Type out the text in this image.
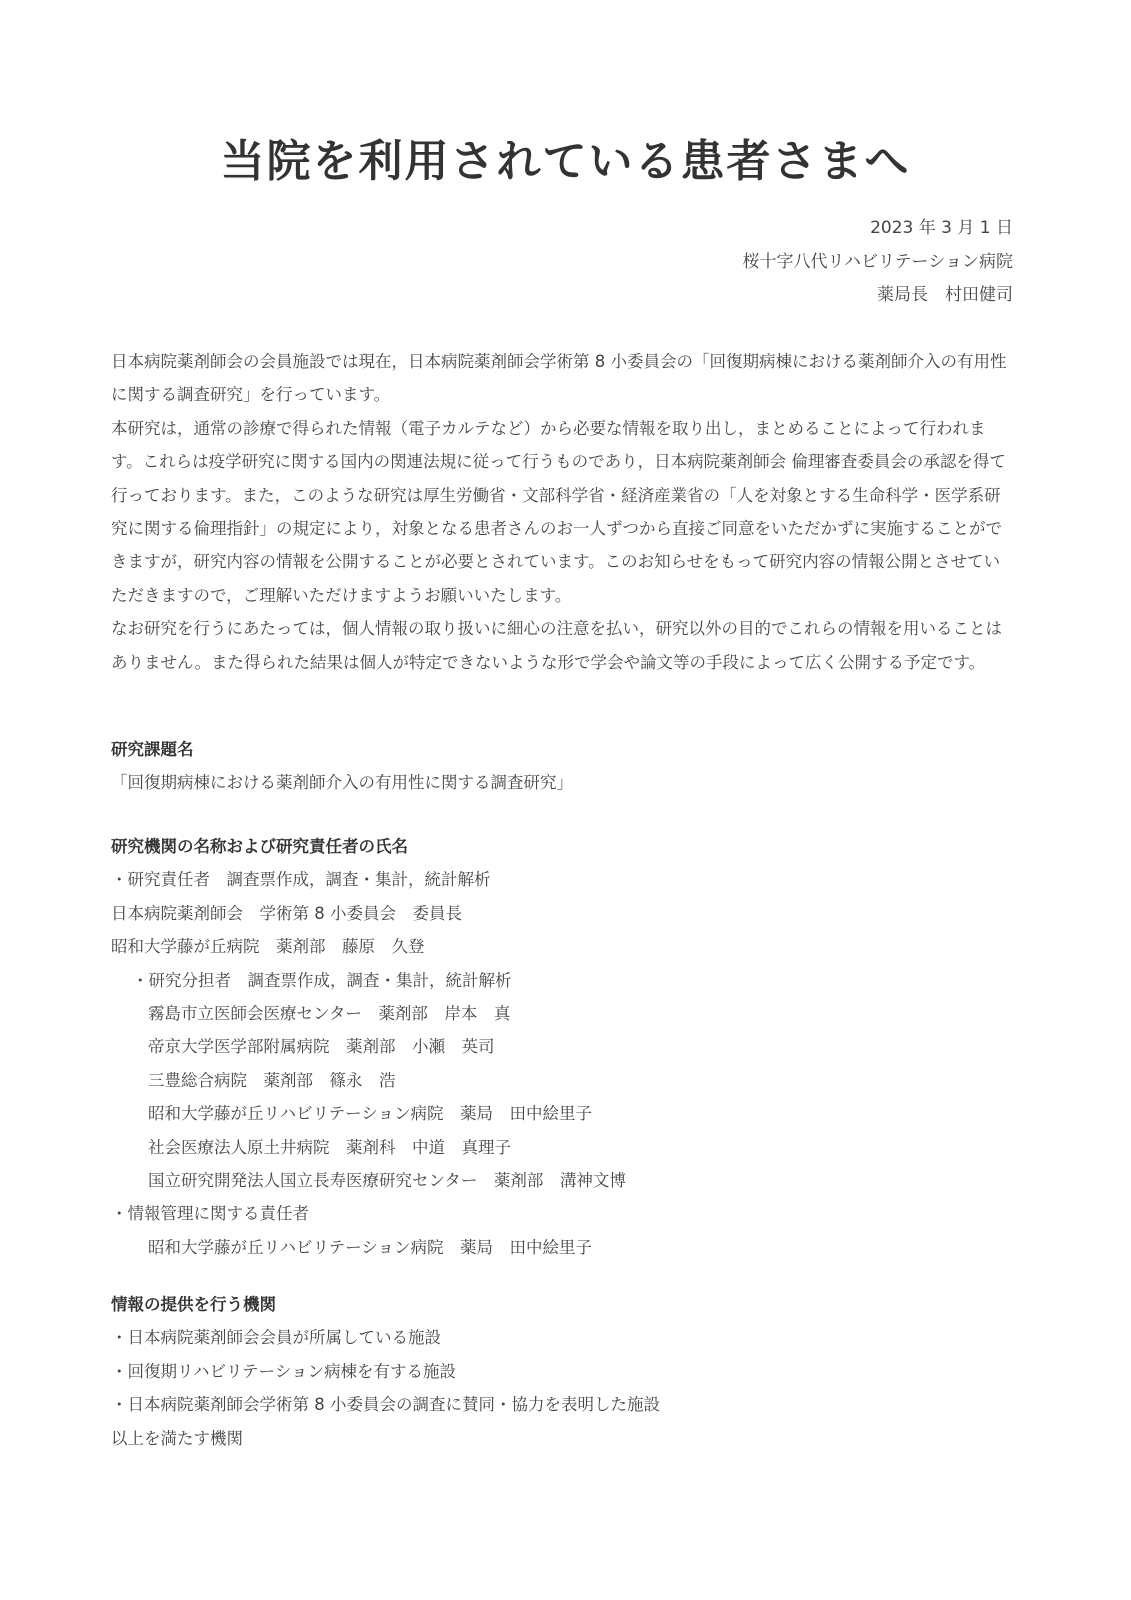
当院を利用されている患者さまへ
2023 年 3 月 1 日
桜十字八代リハビリテーション病院
薬局長　村田健司

日本病院薬剤師会の会員施設では現在，日本病院薬剤師会学術第 8 小委員会の「回復期病棟における薬剤師介入の有用性に関する調査研究」を行っています。

本研究は，通常の診療で得られた情報（電子カルテなど）から必要な情報を取り出し，まとめることによって行われます。これらは疫学研究に関する国内の関連法規に従って行うものであり，日本病院薬剤師会 倫理審査委員会の承認を得て行っております。また，このような研究は厚生労働省・文部科学省・経済産業省の「人を対象とする生命科学・医学系研究に関する倫理指針」の規定により，対象となる患者さんのお一人ずつから直接ご同意をいただかずに実施することができますが，研究内容の情報を公開することが必要とされています。このお知らせをもって研究内容の情報公開とさせていただきますので，ご理解いただけますようお願いいたします。

なお研究を行うにあたっては，個人情報の取り扱いに細心の注意を払い，研究以外の目的でこれらの情報を用いることはありません。また得られた結果は個人が特定できないような形で学会や論文等の手段によって広く公開する予定です。

研究課題名

「回復期病棟における薬剤師介入の有用性に関する調査研究」

研究機関の名称および研究責任者の氏名

・研究責任者　調査票作成，調査・集計，統計解析

日本病院薬剤師会　学術第 8 小委員会　委員長

昭和大学藤が丘病院　薬剤部　藤原　久登

・研究分担者　調査票作成，調査・集計，統計解析

霧島市立医師会医療センター　薬剤部　岸本　真

帝京大学医学部附属病院　薬剤部　小瀬　英司

三豊総合病院　薬剤部　篠永　浩

昭和大学藤が丘リハビリテーション病院　薬局　田中絵里子

社会医療法人原土井病院　薬剤科　中道　真理子

国立研究開発法人国立長寿医療研究センター　薬剤部　溝神文博

・情報管理に関する責任者

昭和大学藤が丘リハビリテーション病院　薬局　田中絵里子

情報の提供を行う機関

・日本病院薬剤師会会員が所属している施設

・回復期リハビリテーション病棟を有する施設

・日本病院薬剤師会学術第 8 小委員会の調査に賛同・協力を表明した施設

以上を満たす機関
